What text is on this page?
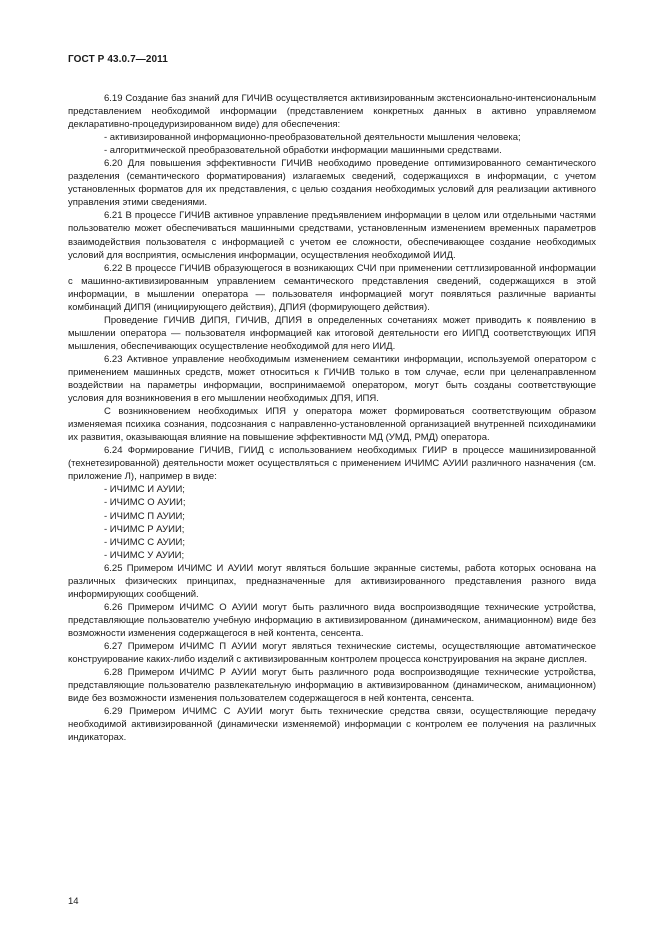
ГОСТ Р 43.0.7—2011

6.19 Создание баз знаний для ГИЧИВ осуществляется активизированным экстенсионально-интенсиональным представлением необходимой информации (представлением конкретных данных в активно управляемом декларативно-процедуризированном виде) для обеспечения:

- активизированной информационно-преобразовательной деятельности мышления человека;

- алгоритмической преобразовательной обработки информации машинными средствами.

6.20 Для повышения эффективности ГИЧИВ необходимо проведение оптимизированного семантического разделения (семантического форматирования) излагаемых сведений, содержащихся в информации, с учетом установленных форматов для их представления, с целью создания необходимых условий для реализации активного управления этими сведениями.

6.21 В процессе ГИЧИВ активное управление предъявлением информации в целом или отдельными частями пользователю может обеспечиваться машинными средствами, установленным изменением временных параметров взаимодействия пользователя с информацией с учетом ее сложности, обеспечивающее создание необходимых условий для восприятия, осмысления информации, осуществления необходимой ИИД.

6.22 В процессе ГИЧИВ образующегося в возникающих СЧИ при применении сеттлизированной информации с машинно-активизированным управлением семантического представления сведений, содержащихся в этой информации, в мышлении оператора — пользователя информацией могут появляться различные варианты комбинаций ДИПЯ (инициирующего действия), ДПИЯ (формирующего действия).

Проведение ГИЧИВ ДИПЯ, ГИЧИВ, ДПИЯ в определенных сочетаниях может приводить к появлению в мышлении оператора — пользователя информацией как итоговой деятельности его ИИПД соответствующих ИПЯ мышления, обеспечивающих осуществление необходимой для него ИИД.

6.23 Активное управление необходимым изменением семантики информации, используемой оператором с применением машинных средств, может относиться к ГИЧИВ только в том случае, если при целенаправленном воздействии на параметры информации, воспринимаемой оператором, могут быть созданы соответствующие условия для возникновения в его мышлении необходимых ДПЯ, ИПЯ.

С возникновением необходимых ИПЯ у оператора может формироваться соответствующим образом изменяемая психика сознания, подсознания с направленно-установленной организацией внутренней психодинамики их развития, оказывающая влияние на повышение эффективности МД (УМД, РМД) оператора.

6.24 Формирование ГИЧИВ, ГИИД с использованием необходимых ГИИР в процессе машинизированной (технетезированной) деятельности может осуществляться с применением ИЧИМС АУИИ различного назначения (см. приложение Л), например в виде:

- ИЧИМС И АУИИ;

- ИЧИМС О АУИИ;

- ИЧИМС П АУИИ;

- ИЧИМС Р АУИИ;

- ИЧИМС С АУИИ;

- ИЧИМС У АУИИ;

6.25 Примером ИЧИМС И АУИИ могут являться большие экранные системы, работа которых основана на различных физических принципах, предназначенные для активизированного представления разного вида информирующих сообщений.

6.26 Примером ИЧИМС О АУИИ могут быть различного вида воспроизводящие технические устройства, представляющие пользователю учебную информацию в активизированном (динамическом, анимационном) виде без возможности изменения содержащегося в ней контента, сенсента.

6.27 Примером ИЧИМС П АУИИ могут являться технические системы, осуществляющие автоматическое конструирование каких-либо изделий с активизированным контролем процесса конструирования на экране дисплея.

6.28 Примером ИЧИМС Р АУИИ могут быть различного рода воспроизводящие технические устройства, представляющие пользователю развлекательную информацию в активизированном (динамическом, анимационном) виде без возможности изменения пользователем содержащегося в ней контента, сенсента.

6.29 Примером ИЧИМС С АУИИ могут быть технические средства связи, осуществляющие передачу необходимой активизированной (динамически изменяемой) информации с контролем ее получения на различных индикаторах.

14
